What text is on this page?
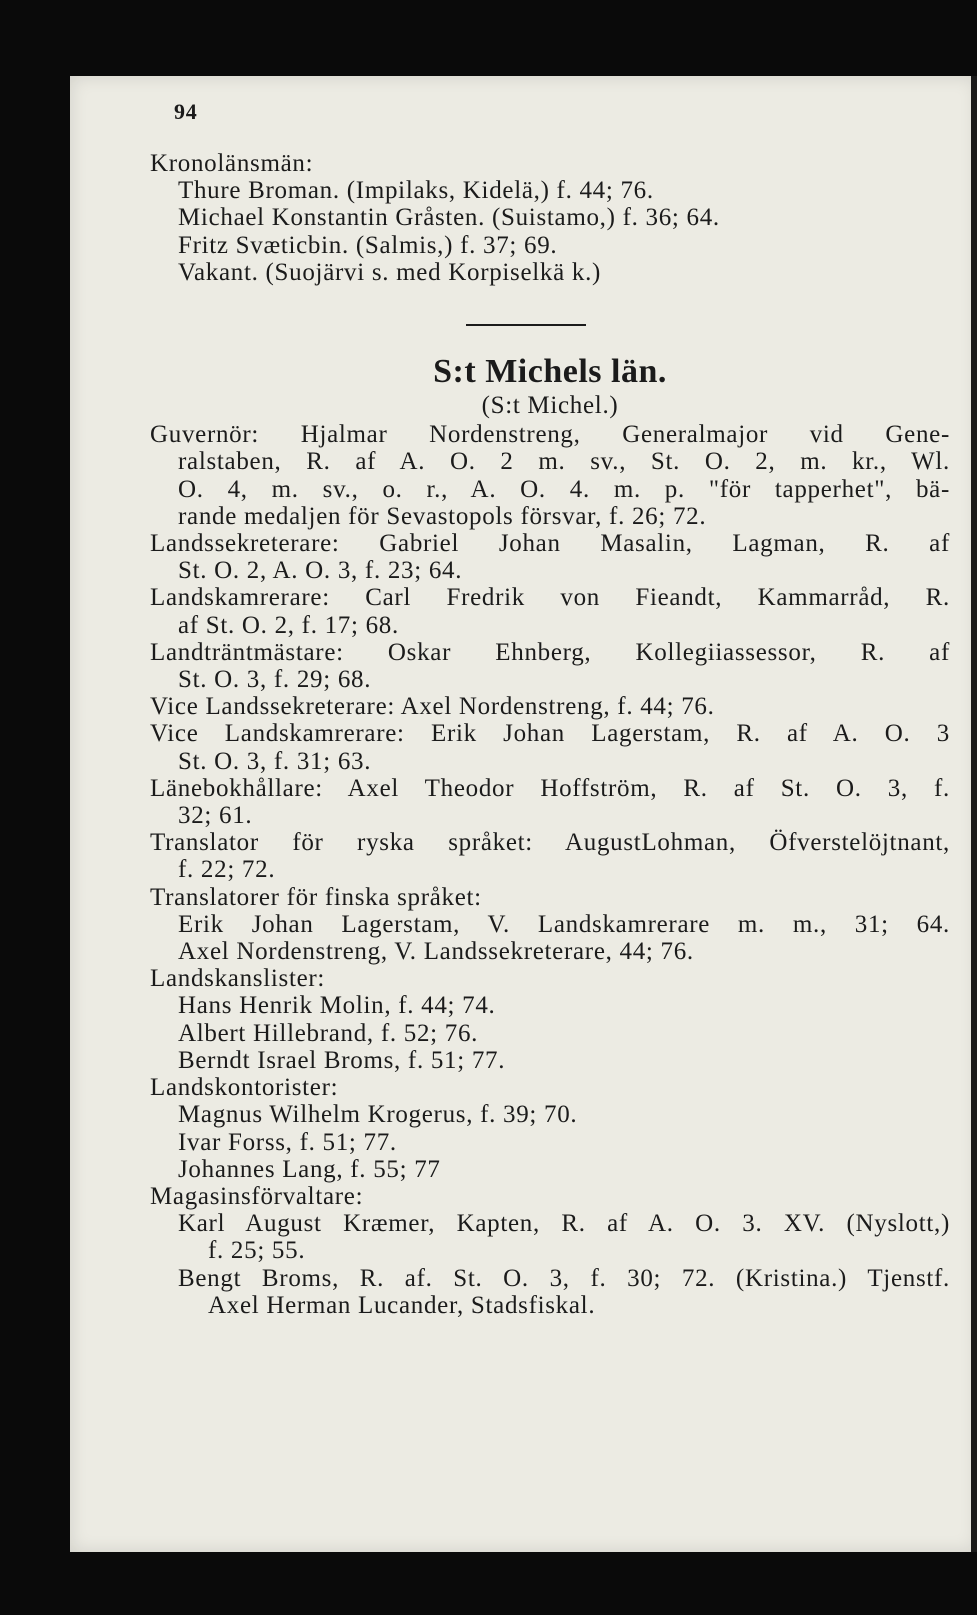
94
Kronolänsmän:
Thure Broman. (Impilaks, Kidelä,) f. 44; 76.
Michael Konstantin Gråsten. (Suistamo,) f. 36; 64.
Fritz Svæticbin. (Salmis,) f. 37; 69.
Vakant. (Suojärvi s. med Korpiselkä k.)
S:t Michels län.
(S:t Michel.)
Guvernör: Hjalmar Nordenstreng, Generalmajor vid Gene-
ralstaben, R. af A. O. 2 m. sv., St. O. 2, m. kr., Wl.
O. 4, m. sv., o. r., A. O. 4. m. p. "för tapperhet", bä-
rande medaljen för Sevastopols försvar, f. 26; 72.
Landssekreterare: Gabriel Johan Masalin, Lagman, R. af
St. O. 2, A. O. 3, f. 23; 64.
Landskamrerare: Carl Fredrik von Fieandt, Kammarråd, R.
af St. O. 2, f. 17; 68.
Landträntmästare: Oskar Ehnberg, Kollegiiassessor, R. af
St. O. 3, f. 29; 68.
Vice Landssekreterare: Axel Nordenstreng, f. 44; 76.
Vice Landskamrerare: Erik Johan Lagerstam, R. af A. O. 3
St. O. 3, f. 31; 63.
Länebokhållare: Axel Theodor Hoffström, R. af St. O. 3, f.
32; 61.
Translator för ryska språket: AugustLohman, Öfverstelöjtnant,
f. 22; 72.
Translatorer för finska språket:
Erik Johan Lagerstam, V. Landskamrerare m. m., 31; 64.
Axel Nordenstreng, V. Landssekreterare, 44; 76.
Landskanslister:
Hans Henrik Molin, f. 44; 74.
Albert Hillebrand, f. 52; 76.
Berndt Israel Broms, f. 51; 77.
Landskontorister:
Magnus Wilhelm Krogerus, f. 39; 70.
Ivar Forss, f. 51; 77.
Johannes Lang, f. 55; 77
Magasinsförvaltare:
Karl August Kræmer, Kapten, R. af A. O. 3. XV. (Nyslott,)
f. 25; 55.
Bengt Broms, R. af. St. O. 3, f. 30; 72. (Kristina.) Tjenstf.
Axel Herman Lucander, Stadsfiskal.
